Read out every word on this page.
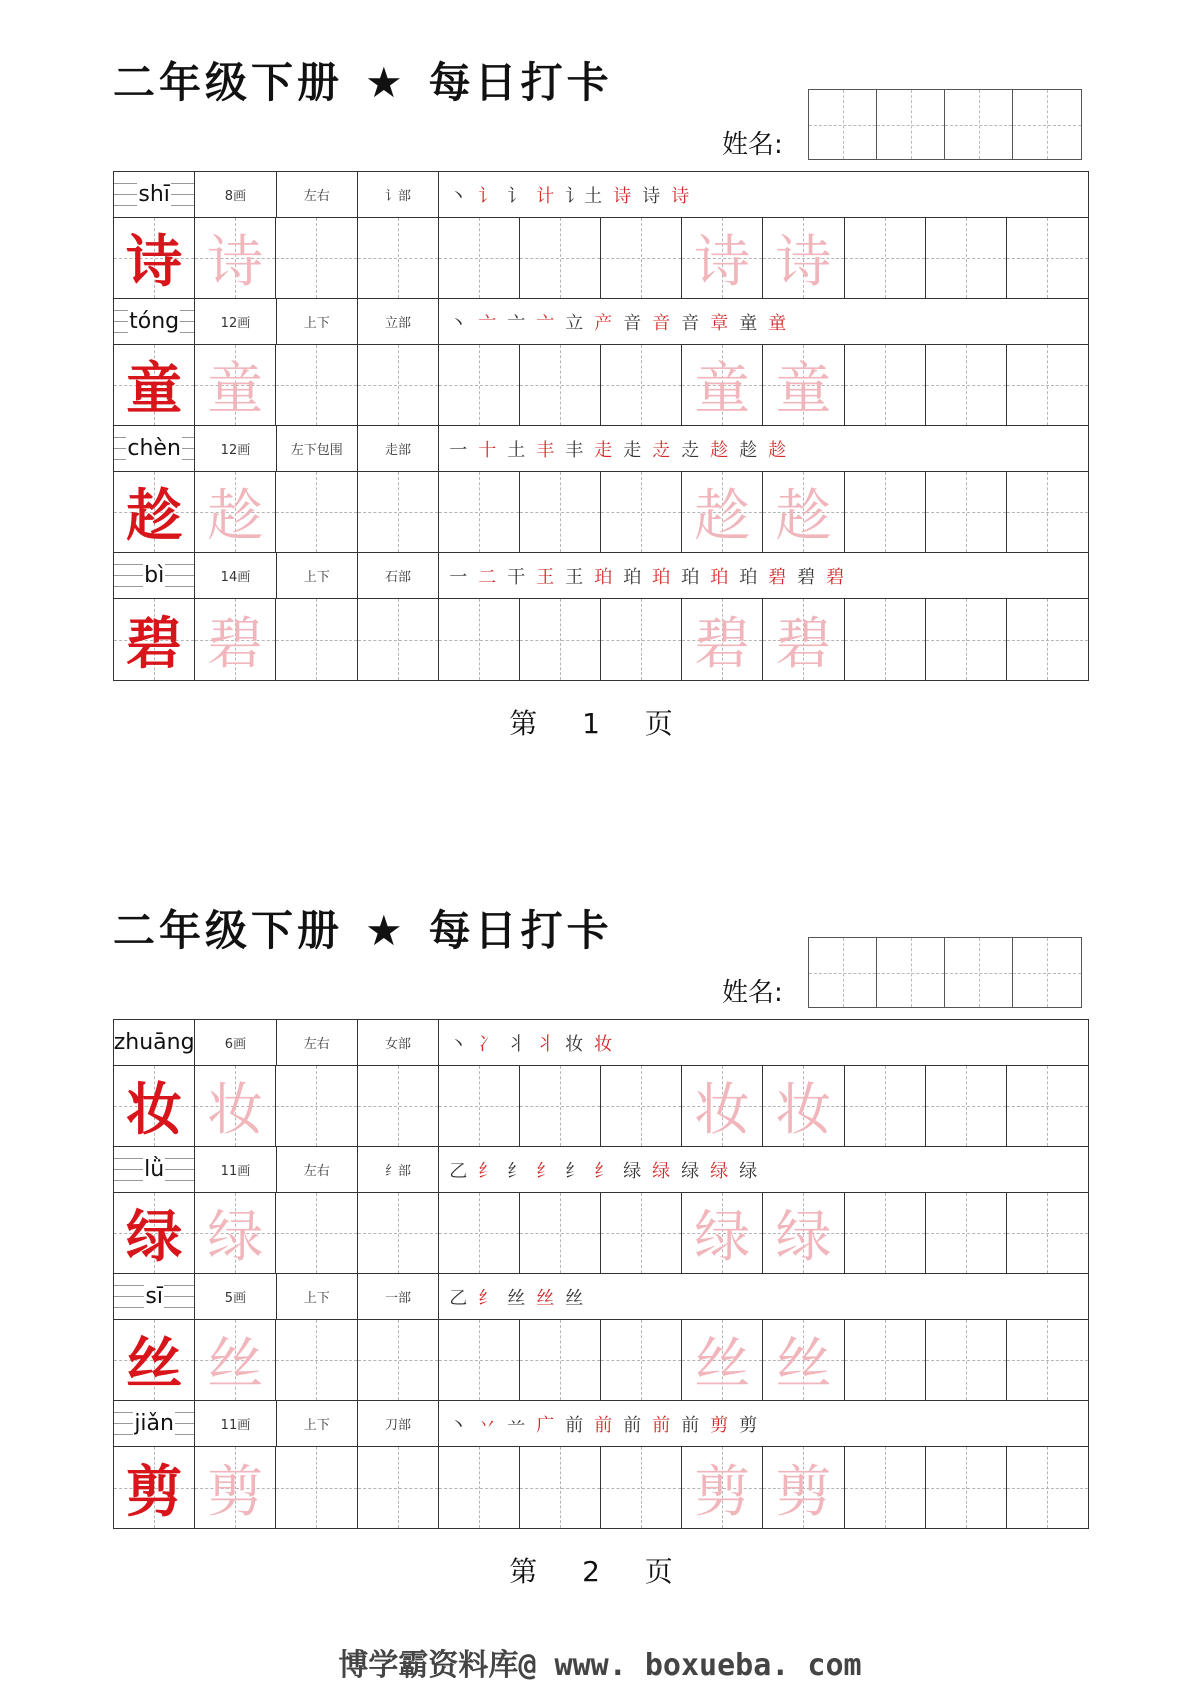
二年级下册 ★ 每日打卡
姓名:
shī	8画	左右	讠部	丶 讠 讠 计 讠土 诗 诗 诗
诗 诗	诗 诗
tóng	12画	上下	立部	丶 亠 亠 亠 立 产 音 音 音 章 童 童
童 童	童 童
chèn	12画	左下包围	走部	一 十 土 丰 丰 走 走 赱 赱 趁 趁 趁
趁 趁	趁 趁
bì	14画	上下	石部	一 二 干 王 王 珀 珀 珀 珀 珀 珀 碧 碧 碧
碧 碧	碧 碧
第 1 页
二年级下册 ★ 每日打卡
姓名:
zhuāng	6画	左右	女部	丶 冫 丬 丬 妆 妆
妆 妆	妆 妆
lǜ	11画	左右	纟部	乙 纟 纟 纟 纟 纟 绿 绿 绿 绿 绿
绿 绿	绿 绿
sī	5画	上下	一部	乙 纟 丝 丝 丝
丝 丝	丝 丝
jiǎn	11画	上下	刀部	丶 丷 䒑 广 前 前 前 前 前 剪 剪
剪 剪	剪 剪
第 2 页
博学霸资料库@ www. boxueba. com
